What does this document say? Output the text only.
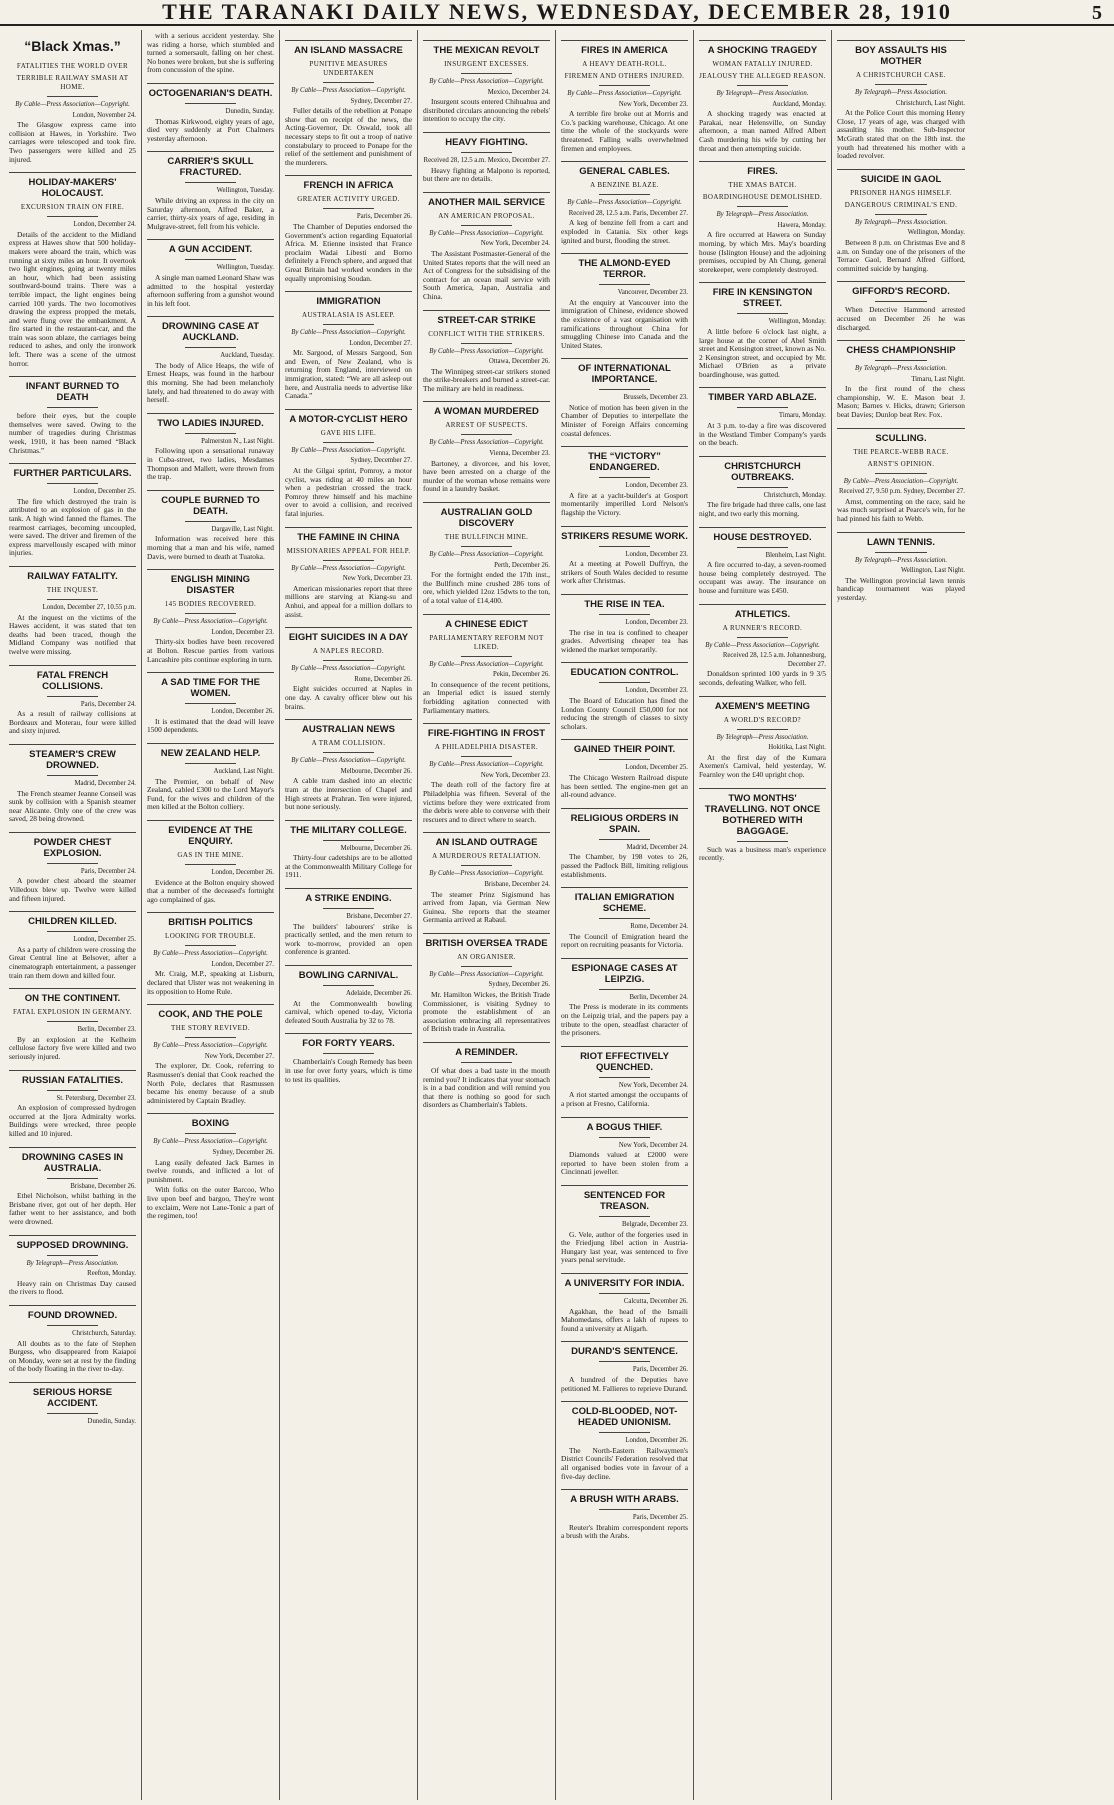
THE TARANAKI DAILY NEWS, WEDNESDAY, DECEMBER 28, 1910	5
“Black Xmas.”
FATALITIES THE WORLD OVER
TERRIBLE RAILWAY SMASH AT HOME.
By Cable—Press Association—Copyright.
London, November 24.
The Glasgow express came into collision at Hawes, in Yorkshire. Two carriages were telescoped and took fire. Two passengers were killed and 25 injured.
HOLIDAY-MAKERS' HOLOCAUST.
EXCURSION TRAIN ON FIRE.
London, December 24.
Details of the accident to the Midland express at Hawes show that 500 holiday-makers were aboard the train, which was running at sixty miles an hour. It overtook two light engines, going at twenty miles an hour, which had been assisting southward-bound trains. There was a terrible impact, the light engines being carried 100 yards. The two locomotives drawing the express propped the metals, and were flung over the embankment. A fire started in the restaurant-car, and the train was soon ablaze, the carriages being reduced to ashes, and only the ironwork left. There was a scene of the utmost horror.
INFANT BURNED TO DEATH
before their eyes, but the couple themselves were saved. Owing to the number of tragedies during Christmas week, 1910, it has been named “Black Christmas.”
FURTHER PARTICULARS.
London, December 25.
The fire which destroyed the train is attributed to an explosion of gas in the tank. A high wind fanned the flames. The rearmost carriages, becoming uncoupled, were saved. The driver and firemen of the express marvellously escaped with minor injuries.
RAILWAY FATALITY.
THE INQUEST.
London, December 27, 10.55 p.m.
At the inquest on the victims of the Hawes accident, it was stated that ten deaths had been traced, though the Midland Company was notified that twelve were missing.
FATAL FRENCH COLLISIONS.
Paris, December 24.
As a result of railway collisions at Bordeaux and Moterau, four were killed and sixty injured.
STEAMER'S CREW DROWNED.
Madrid, December 24.
The French steamer Jeanne Conseil was sunk by collision with a Spanish steamer near Alicante. Only one of the crew was saved, 28 being drowned.
POWDER CHEST EXPLOSION.
Paris, December 24.
A powder chest aboard the steamer Villedoux blew up. Twelve were killed and fifteen injured.
CHILDREN KILLED.
London, December 25.
As a party of children were crossing the Great Central line at Belsover, after a cinematograph entertainment, a passenger train ran them down and killed four.
ON THE CONTINENT.
FATAL EXPLOSION IN GERMANY.
Berlin, December 23.
By an explosion at the Kelheim cellulose factory five were killed and two seriously injured.
RUSSIAN FATALITIES.
St. Petersburg, December 23.
An explosion of compressed hydrogen occurred at the Ijora Admiralty works. Buildings were wrecked, three people killed and 10 injured.
DROWNING CASES IN AUSTRALIA.
Brisbane, December 26.
Ethel Nicholson, whilst bathing in the Brisbane river, got out of her depth. Her father went to her assistance, and both were drowned.
SUPPOSED DROWNING.
By Telegraph—Press Association.
Reefton, Monday.
Heavy rain on Christmas Day caused the rivers to flood.
FOUND DROWNED.
Christchurch, Saturday.
All doubts as to the fate of Stephen Burgess, who disappeared from Kaiapoi on Monday, were set at rest by the finding of the body floating in the river to-day.
SERIOUS HORSE ACCIDENT.
Dunedin, Sunday.
with a serious accident yesterday. She was riding a horse, which stumbled and turned a somersault, falling on her chest. No bones were broken, but she is suffering from concussion of the spine.
OCTOGENARIAN'S DEATH.
Dunedin, Sunday.
Thomas Kirkwood, eighty years of age, died very suddenly at Port Chalmers yesterday afternoon.
CARRIER'S SKULL FRACTURED.
Wellington, Tuesday.
While driving an express in the city on Saturday afternoon, Alfred Baker, a carrier, thirty-six years of age, residing in Mulgrave-street, fell from his vehicle.
A GUN ACCIDENT.
Wellington, Tuesday.
A single man named Leonard Shaw was admitted to the hospital yesterday afternoon suffering from a gunshot wound in his left foot.
DROWNING CASE AT AUCKLAND.
Auckland, Tuesday.
The body of Alice Heaps, the wife of Ernest Heaps, was found in the harbour this morning. She had been melancholy lately, and had threatened to do away with herself.
TWO LADIES INJURED.
Palmerston N., Last Night.
Following upon a sensational runaway in Cuba-street, two ladies, Mesdames Thompson and Mallett, were thrown from the trap.
COUPLE BURNED TO DEATH.
Dargaville, Last Night.
Information was received here this morning that a man and his wife, named Davis, were burned to death at Tuatoka.
ENGLISH MINING DISASTER
145 BODIES RECOVERED.
By Cable—Press Association—Copyright.
London, December 23.
Thirty-six bodies have been recovered at Bolton. Rescue parties from various Lancashire pits continue exploring in turn.
A SAD TIME FOR THE WOMEN.
London, December 26.
It is estimated that the dead will leave 1500 dependents.
NEW ZEALAND HELP.
Auckland, Last Night.
The Premier, on behalf of New Zealand, cabled £300 to the Lord Mayor's Fund, for the wives and children of the men killed at the Bolton colliery.
EVIDENCE AT THE ENQUIRY.
GAS IN THE MINE.
London, December 26.
Evidence at the Bolton enquiry showed that a number of the deceased's fortnight ago complained of gas.
BRITISH POLITICS
LOOKING FOR TROUBLE.
By Cable—Press Association—Copyright.
London, December 27.
Mr. Craig, M.P., speaking at Lisburn, declared that Ulster was not weakening in its opposition to Home Rule.
COOK, AND THE POLE
THE STORY REVIVED.
By Cable—Press Association—Copyright.
New York, December 27.
The explorer, Dr. Cook, referring to Rasmussen's denial that Cook reached the North Pole, declares that Rasmussen became his enemy because of a snub administered by Captain Bradley.
BOXING
By Cable—Press Association—Copyright.
Sydney, December 26.
Lang easily defeated Jack Barnes in twelve rounds, and inflicted a lot of punishment.
With folks on the outer Barcoo, Who live upon beef and bargoo, They're wont to exclaim, Were not Lane-Tonic a part of the regimen, too!
AN ISLAND MASSACRE
PUNITIVE MEASURES UNDERTAKEN
By Cable—Press Association—Copyright.
Sydney, December 27.
Fuller details of the rebellion at Ponape show that on receipt of the news, the Acting-Governor, Dr. Oswald, took all necessary steps to fit out a troop of native constabulary to proceed to Ponape for the relief of the settlement and punishment of the murderers.
FRENCH IN AFRICA
GREATER ACTIVITY URGED.
Paris, December 26.
The Chamber of Deputies endorsed the Government's action regarding Equatorial Africa. M. Etienne insisted that France proclaim Wadai Libesti and Borno definitely a French sphere, and argued that Great Britain had worked wonders in the equally unpromising Soudan.
IMMIGRATION
AUSTRALASIA IS ASLEEP.
By Cable—Press Association—Copyright.
London, December 27.
Mr. Sargood, of Messrs Sargood, Son and Ewen, of New Zealand, who is returning from England, interviewed on immigration, stated: “We are all asleep out here, and Australia needs to advertise like Canada.”
A MOTOR-CYCLIST HERO
GAVE HIS LIFE.
By Cable—Press Association—Copyright.
Sydney, December 27.
At the Gilgai sprint, Pomroy, a motor cyclist, was riding at 40 miles an hour when a pedestrian crossed the track. Pomroy threw himself and his machine over to avoid a collision, and received fatal injuries.
THE FAMINE IN CHINA
MISSIONARIES APPEAL FOR HELP.
By Cable—Press Association—Copyright.
New York, December 23.
American missionaries report that three millions are starving at Kiang-su and Anhui, and appeal for a million dollars to assist.
EIGHT SUICIDES IN A DAY
A NAPLES RECORD.
By Cable—Press Association—Copyright.
Rome, December 26.
Eight suicides occurred at Naples in one day. A cavalry officer blew out his brains.
AUSTRALIAN NEWS
A TRAM COLLISION.
By Cable—Press Association—Copyright.
Melbourne, December 26.
A cable tram dashed into an electric tram at the intersection of Chapel and High streets at Prahran. Ten were injured, but none seriously.
THE MILITARY COLLEGE.
Melbourne, December 26.
Thirty-four cadetships are to be allotted at the Commonwealth Military College for 1911.
A STRIKE ENDING.
Brisbane, December 27.
The builders' labourers' strike is practically settled, and the men return to work to-morrow, provided an open conference is granted.
BOWLING CARNIVAL.
Adelaide, December 26.
At the Commonwealth bowling carnival, which opened to-day, Victoria defeated South Australia by 32 to 78.
FOR FORTY YEARS.
Chamberlain's Cough Remedy has been in use for over forty years, which is time to test its qualities.
THE MEXICAN REVOLT
INSURGENT EXCESSES.
By Cable—Press Association—Copyright.
Mexico, December 24.
Insurgent scouts entered Chihuahua and distributed circulars announcing the rebels' intention to occupy the city.
HEAVY FIGHTING.
Received 28, 12.5 a.m. Mexico, December 27.
Heavy fighting at Malpono is reported, but there are no details.
ANOTHER MAIL SERVICE
AN AMERICAN PROPOSAL.
By Cable—Press Association—Copyright.
New York, December 24.
The Assistant Postmaster-General of the United States reports that the will need an Act of Congress for the subsidising of the contract for an ocean mail service with South America, Japan, Australia and China.
STREET-CAR STRIKE
CONFLICT WITH THE STRIKERS.
By Cable—Press Association—Copyright.
Ottawa, December 26.
The Winnipeg street-car strikers stoned the strike-breakers and burned a street-car. The military are held in readiness.
A WOMAN MURDERED
ARREST OF SUSPECTS.
By Cable—Press Association—Copyright.
Vienna, December 23.
Bartoney, a divorcee, and his lover, have been arrested on a charge of the murder of the woman whose remains were found in a laundry basket.
AUSTRALIAN GOLD DISCOVERY
THE BULLFINCH MINE.
By Cable—Press Association—Copyright.
Perth, December 26.
For the fortnight ended the 17th inst., the Bullfinch mine crushed 286 tons of ore, which yielded 12oz 15dwts to the ton, of a total value of £14,400.
A CHINESE EDICT
PARLIAMENTARY REFORM NOT LIKED.
By Cable—Press Association—Copyright.
Pekin, December 26.
In consequence of the recent petitions, an Imperial edict is issued sternly forbidding agitation connected with Parliamentary matters.
FIRE-FIGHTING IN FROST
A PHILADELPHIA DISASTER.
By Cable—Press Association—Copyright.
New York, December 23.
The death roll of the factory fire at Philadelphia was fifteen. Several of the victims before they were extricated from the debris were able to converse with their rescuers and to direct where to search.
AN ISLAND OUTRAGE
A MURDEROUS RETALIATION.
By Cable—Press Association—Copyright.
Brisbane, December 24.
The steamer Prinz Sigismund has arrived from Japan, via German New Guinea. She reports that the steamer Germania arrived at Rabaul.
BRITISH OVERSEA TRADE
AN ORGANISER.
By Cable—Press Association—Copyright.
Sydney, December 26.
Mr. Hamilton Wickes, the British Trade Commissioner, is visiting Sydney to promote the establishment of an association embracing all representatives of British trade in Australia.
A REMINDER.
Of what does a bad taste in the mouth remind you? It indicates that your stomach is in a bad condition and will remind you that there is nothing so good for such disorders as Chamberlain's Tablets.
FIRES IN AMERICA
A HEAVY DEATH-ROLL.
FIREMEN AND OTHERS INJURED.
By Cable—Press Association—Copyright.
New York, December 23.
A terrible fire broke out at Morris and Co.'s packing warehouse, Chicago. At one time the whole of the stockyards were threatened. Falling walls overwhelmed firemen and employees.
GENERAL CABLES.
A BENZINE BLAZE.
By Cable—Press Association—Copyright.
Received 28, 12.5 a.m. Paris, December 27.
A keg of benzine fell from a cart and exploded in Catania. Six other kegs ignited and burst, flooding the street.
THE ALMOND-EYED TERROR.
Vancouver, December 23.
At the enquiry at Vancouver into the immigration of Chinese, evidence showed the existence of a vast organisation with ramifications throughout China for smuggling Chinese into Canada and the United States.
OF INTERNATIONAL IMPORTANCE.
Brussels, December 23.
Notice of motion has been given in the Chamber of Deputies to interpellate the Minister of Foreign Affairs concerning coastal defences.
THE “VICTORY” ENDANGERED.
London, December 23.
A fire at a yacht-builder's at Gosport momentarily imperilled Lord Nelson's flagship the Victory.
STRIKERS RESUME WORK.
London, December 23.
At a meeting at Powell Duffryn, the strikers of South Wales decided to resume work after Christmas.
THE RISE IN TEA.
London, December 23.
The rise in tea is confined to cheaper grades. Advertising cheaper tea has widened the market temporarily.
EDUCATION CONTROL.
London, December 23.
The Board of Education has fined the London County Council £50,000 for not reducing the strength of classes to sixty scholars.
GAINED THEIR POINT.
London, December 25.
The Chicago Western Railroad dispute has been settled. The engine-men get an all-round advance.
RELIGIOUS ORDERS IN SPAIN.
Madrid, December 24.
The Chamber, by 198 votes to 26, passed the Padlock Bill, limiting religious establishments.
ITALIAN EMIGRATION SCHEME.
Rome, December 24.
The Council of Emigration heard the report on recruiting peasants for Victoria.
ESPIONAGE CASES AT LEIPZIG.
Berlin, December 24.
The Press is moderate in its comments on the Leipzig trial, and the papers pay a tribute to the open, steadfast character of the prisoners.
RIOT EFFECTIVELY QUENCHED.
New York, December 24.
A riot started amongst the occupants of a prison at Fresno, California.
A BOGUS THIEF.
New York, December 24.
Diamonds valued at £2000 were reported to have been stolen from a Cincinnati jeweller.
SENTENCED FOR TREASON.
Belgrade, December 23.
G. Vele, author of the forgeries used in the Friedjung libel action in Austria-Hungary last year, was sentenced to five years penal servitude.
A UNIVERSITY FOR INDIA.
Calcutta, December 26.
Agakhan, the head of the Ismaili Mahomedans, offers a lakh of rupees to found a university at Aligarh.
DURAND'S SENTENCE.
Paris, December 26.
A hundred of the Deputies have petitioned M. Fallieres to reprieve Durand.
COLD-BLOODED, NOT-HEADED UNIONISM.
London, December 26.
The North-Eastern Railwaymen's District Councils' Federation resolved that all organised bodies vote in favour of a five-day decline.
A BRUSH WITH ARABS.
Paris, December 25.
Reuter's Ibrahim correspondent reports a brush with the Arabs.
A SHOCKING TRAGEDY
WOMAN FATALLY INJURED.
JEALOUSY THE ALLEGED REASON.
By Telegraph—Press Association.
Auckland, Monday.
A shocking tragedy was enacted at Parakai, near Helensville, on Sunday afternoon, a man named Alfred Albert Cash murdering his wife by cutting her throat and then attempting suicide.
FIRES.
THE XMAS BATCH.
BOARDINGHOUSE DEMOLISHED.
By Telegraph—Press Association.
Hawera, Monday.
A fire occurred at Hawera on Sunday morning, by which Mrs. May's boarding house (Islington House) and the adjoining premises, occupied by Ah Chung, general storekeeper, were completely destroyed.
FIRE IN KENSINGTON STREET.
Wellington, Monday.
A little before 6 o'clock last night, a large house at the corner of Abel Smith street and Kensington street, known as No. 2 Kensington street, and occupied by Mr. Michael O'Brien as a private boardinghouse, was gutted.
TIMBER YARD ABLAZE.
Timaru, Monday.
At 3 p.m. to-day a fire was discovered in the Westland Timber Company's yards on the beach.
CHRISTCHURCH OUTBREAKS.
Christchurch, Monday.
The fire brigade had three calls, one last night, and two early this morning.
HOUSE DESTROYED.
Blenheim, Last Night.
A fire occurred to-day, a seven-roomed house being completely destroyed. The occupant was away. The insurance on house and furniture was £450.
ATHLETICS.
A RUNNER'S RECORD.
By Cable—Press Association—Copyright.
Received 28, 12.5 a.m. Johannesburg, December 27.
Donaldson sprinted 100 yards in 9 3/5 seconds, defeating Walker, who fell.
AXEMEN'S MEETING
A WORLD'S RECORD?
By Telegraph—Press Association.
Hokitika, Last Night.
At the first day of the Kumara Axemen's Carnival, held yesterday, W. Fearnley won the £40 upright chop.
TWO MONTHS' TRAVELLING. NOT ONCE BOTHERED WITH BAGGAGE.
Such was a business man's experience recently.
BOY ASSAULTS HIS MOTHER
A CHRISTCHURCH CASE.
By Telegraph—Press Association.
Christchurch, Last Night.
At the Police Court this morning Henry Close, 17 years of age, was charged with assaulting his mother. Sub-Inspector McGrath stated that on the 18th inst. the youth had threatened his mother with a loaded revolver.
SUICIDE IN GAOL
PRISONER HANGS HIMSELF.
DANGEROUS CRIMINAL'S END.
By Telegraph—Press Association.
Wellington, Monday.
Between 8 p.m. on Christmas Eve and 8 a.m. on Sunday one of the prisoners of the Terrace Gaol, Bernard Alfred Gifford, committed suicide by hanging.
GIFFORD'S RECORD.
When Detective Hammond arrested accused on December 26 he was discharged.
CHESS CHAMPIONSHIP
By Telegraph—Press Association.
Timaru, Last Night.
In the first round of the chess championship, W. E. Mason beat J. Mason; Barnes v. Hicks, drawn; Grierson beat Davies; Dunlop beat Rev. Fox.
SCULLING.
THE PEARCE-WEBB RACE.
ARNST'S OPINION.
By Cable—Press Association—Copyright.
Received 27, 9.50 p.m. Sydney, December 27.
Arnst, commenting on the race, said he was much surprised at Pearce's win, for he had pinned his faith to Webb.
LAWN TENNIS.
By Telegraph—Press Association.
Wellington, Last Night.
The Wellington provincial lawn tennis handicap tournament was played yesterday.
